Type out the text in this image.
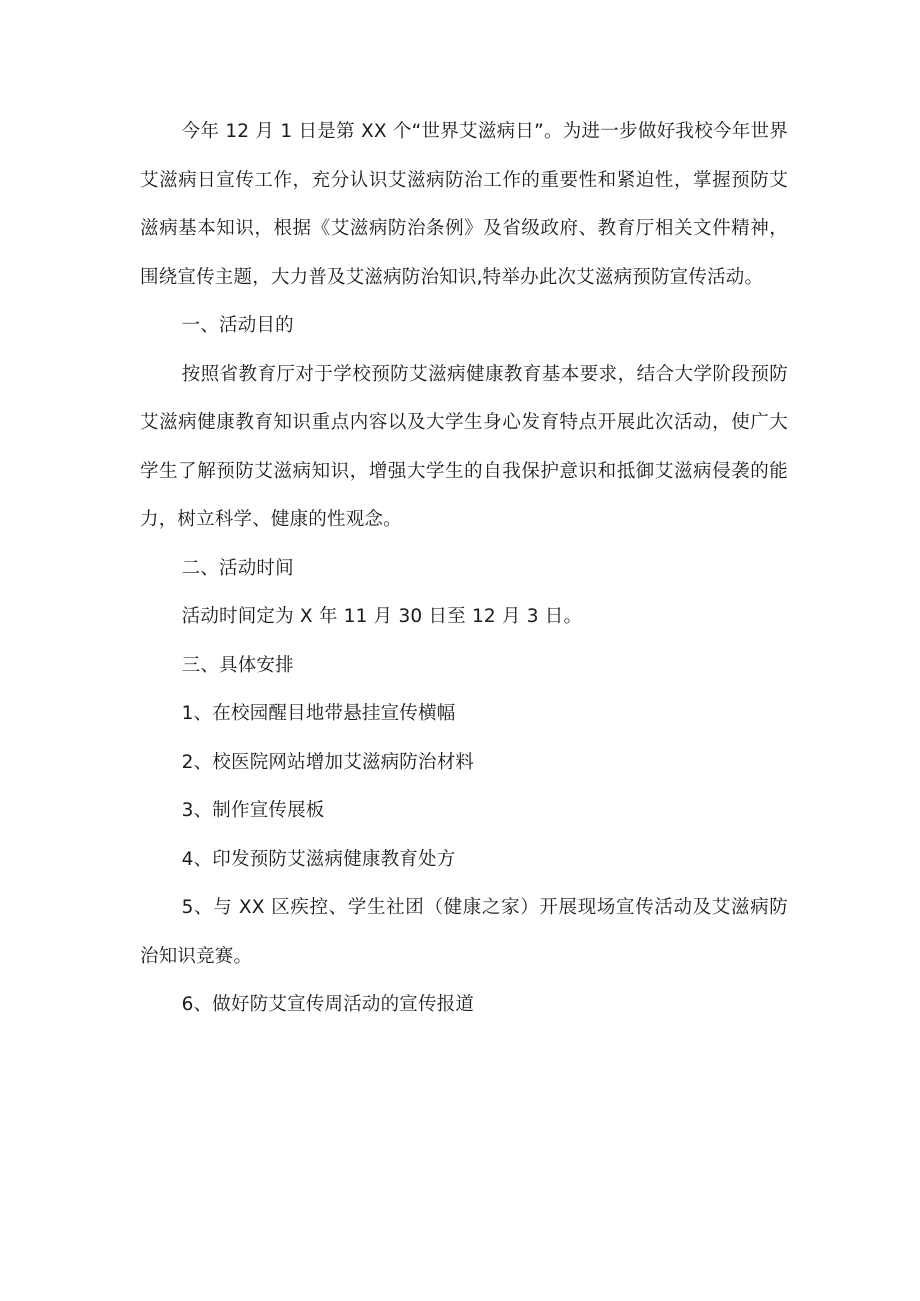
今年 12 月 1 日是第 XX 个“世界艾滋病日”。为进一步做好我校今年世界艾滋病日宣传工作，充分认识艾滋病防治工作的重要性和紧迫性，掌握预防艾滋病基本知识，根据《艾滋病防治条例》及省级政府、教育厅相关文件精神，围绕宣传主题，大力普及艾滋病防治知识,特举办此次艾滋病预防宣传活动。

一、活动目的

按照省教育厅对于学校预防艾滋病健康教育基本要求，结合大学阶段预防艾滋病健康教育知识重点内容以及大学生身心发育特点开展此次活动，使广大学生了解预防艾滋病知识，增强大学生的自我保护意识和抵御艾滋病侵袭的能力，树立科学、健康的性观念。

二、活动时间

活动时间定为 X 年 11 月 30 日至 12 月 3 日。

三、具体安排

1、在校园醒目地带悬挂宣传横幅

2、校医院网站增加艾滋病防治材料

3、制作宣传展板

4、印发预防艾滋病健康教育处方

5、与 XX 区疾控、学生社团（健康之家）开展现场宣传活动及艾滋病防治知识竞赛。

6、做好防艾宣传周活动的宣传报道
